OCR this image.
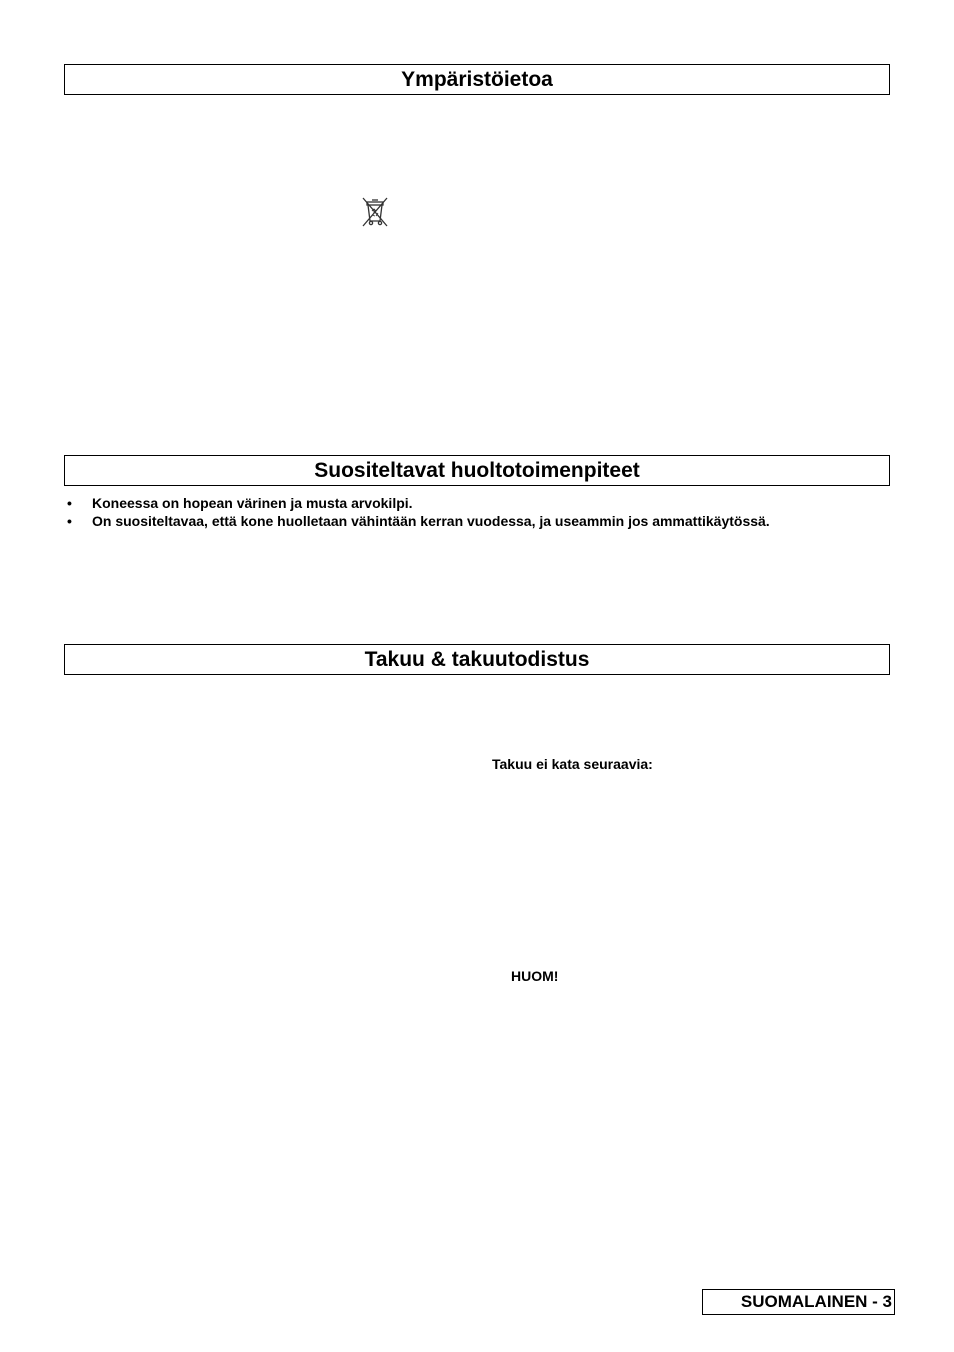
Ympäristöietoa
Suositeltavat huoltotoimenpiteet
• Koneessa on hopean värinen ja musta arvokilpi.
• On suositeltavaa, että kone huolletaan vähintään kerran vuodessa, ja useammin jos ammattikäytössä.
Takuu & takuutodistus
Takuu ei kata seuraavia:
HUOM!
SUOMALAINEN - 3
